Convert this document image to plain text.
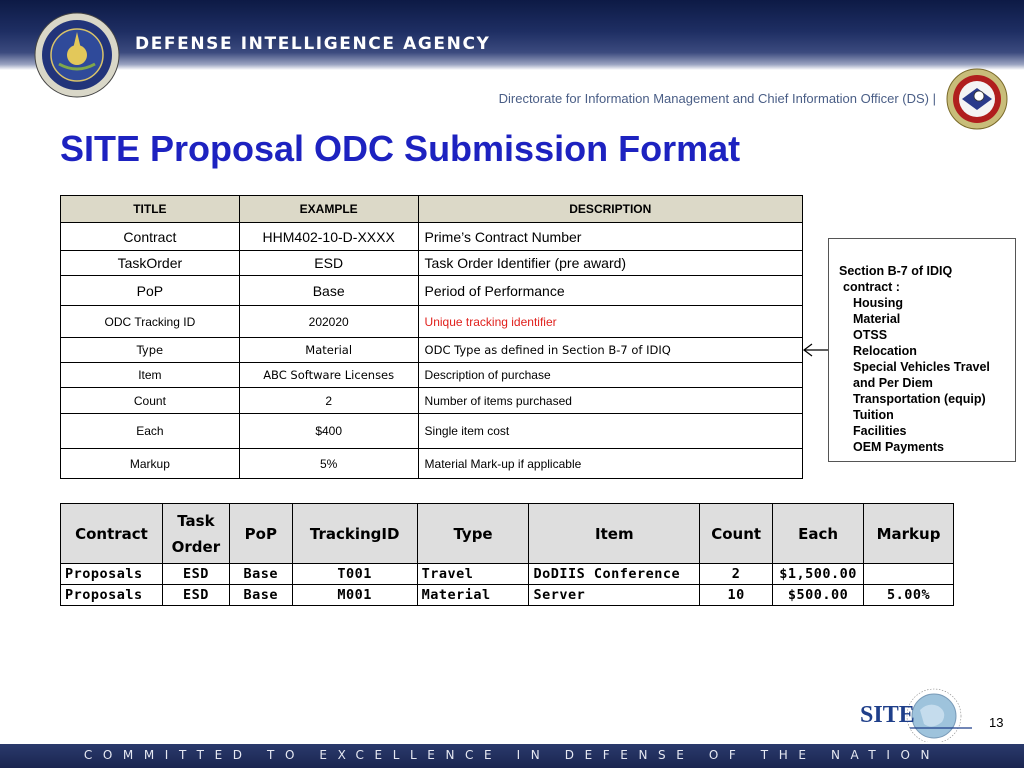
DEFENSE INTELLIGENCE AGENCY
Directorate for Information Management and Chief Information Officer (DS) |
SITE Proposal ODC Submission Format
TITLE	EXAMPLE	DESCRIPTION
Contract	HHM402-10-D-XXXX	Prime’s Contract Number
TaskOrder	ESD	Task Order Identifier (pre award)
PoP	Base	Period of Performance
ODC Tracking ID	202020	Unique tracking identifier
Type	Material	ODC Type as defined in Section B-7 of IDIQ
Item	ABC Software Licenses	Description of purchase
Count	2	Number of items purchased
Each	$400	Single item cost
Markup	5%	Material Mark-up if applicable
Section B-7 of IDIQ
contract :
Housing
Material
OTSS
Relocation
Special Vehicles Travel
and Per Diem
Transportation (equip)
Tuition
Facilities
OEM Payments
Contract	Task Order	PoP	TrackingID	Type	Item	Count	Each	Markup
Proposals	ESD	Base	T001	Travel	DoDIIS Conference	2	$1,500.00	
Proposals	ESD	Base	M001	Material	Server	10	$500.00	5.00%
SITE	13
COMMITTED TO EXCELLENCE IN DEFENSE OF THE NATION
